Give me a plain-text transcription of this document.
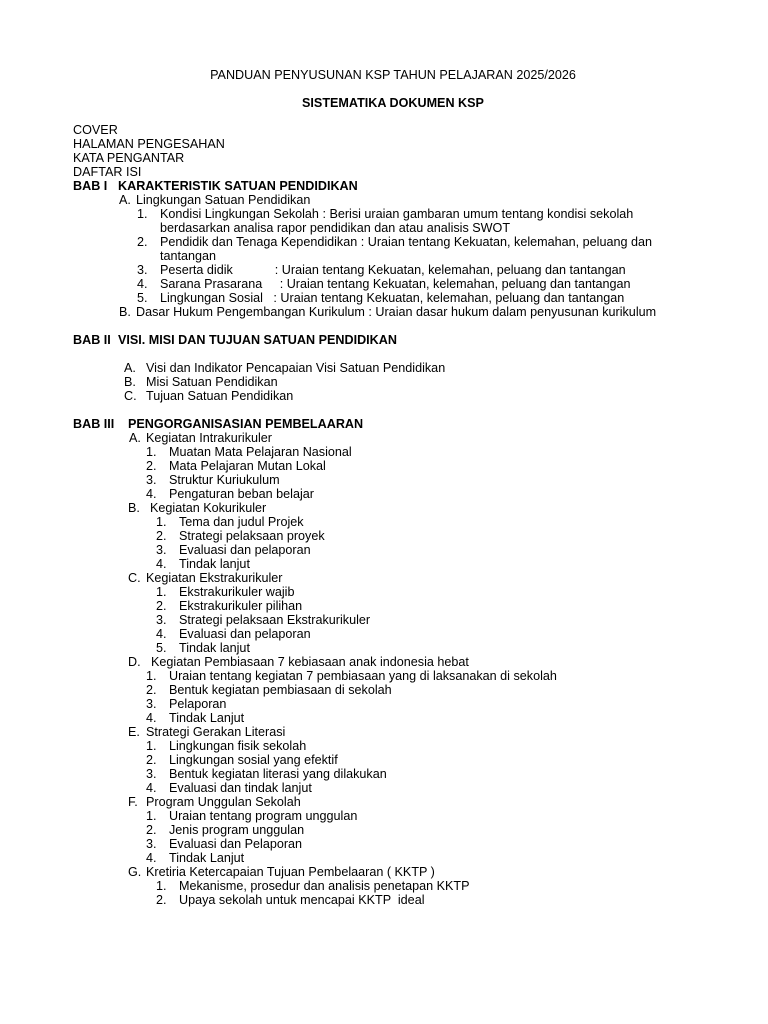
PANDUAN PENYUSUNAN KSP TAHUN PELAJARAN 2025/2026
SISTEMATIKA DOKUMEN KSP
COVER
HALAMAN PENGESAHAN
KATA PENGANTAR
DAFTAR ISI
BAB I KARAKTERISTIK SATUAN PENDIDIKAN
A. Lingkungan Satuan Pendidikan
1. Kondisi Lingkungan Sekolah : Berisi uraian gambaran umum tentang kondisi sekolah berdasarkan analisa rapor pendidikan dan atau analisis SWOT
2. Pendidik dan Tenaga Kependidikan : Uraian tentang Kekuatan, kelemahan, peluang dan tantangan
3. Peserta didik            : Uraian tentang Kekuatan, kelemahan, peluang dan tantangan
4. Sarana Prasarana     : Uraian tentang Kekuatan, kelemahan, peluang dan tantangan
5. Lingkungan Sosial   : Uraian tentang Kekuatan, kelemahan, peluang dan tantangan
B. Dasar Hukum Pengembangan Kurikulum : Uraian dasar hukum dalam penyusunan kurikulum
BAB II VISI. MISI DAN TUJUAN SATUAN PENDIDIKAN
A. Visi dan Indikator Pencapaian Visi Satuan Pendidikan
B. Misi Satuan Pendidikan
C. Tujuan Satuan Pendidikan
BAB III PENGORGANISASIAN PEMBELAARAN
A. Kegiatan Intrakurikuler
1. Muatan Mata Pelajaran Nasional
2. Mata Pelajaran Mutan Lokal
3. Struktur Kuriukulum
4. Pengaturan beban belajar
B. Kegiatan Kokurikuler
1. Tema dan judul Projek
2. Strategi pelaksaan proyek
3. Evaluasi dan pelaporan
4. Tindak lanjut
C. Kegiatan Ekstrakurikuler
1. Ekstrakurikuler wajib
2. Ekstrakurikuler pilihan
3. Strategi pelaksaan Ekstrakurikuler
4. Evaluasi dan pelaporan
5. Tindak lanjut
D. Kegiatan Pembiasaan 7 kebiasaan anak indonesia hebat
1. Uraian tentang kegiatan 7 pembiasaan yang di laksanakan di sekolah
2. Bentuk kegiatan pembiasaan di sekolah
3. Pelaporan
4. Tindak Lanjut
E. Strategi Gerakan Literasi
1. Lingkungan fisik sekolah
2. Lingkungan sosial yang efektif
3. Bentuk kegiatan literasi yang dilakukan
4. Evaluasi dan tindak lanjut
F. Program Unggulan Sekolah
1. Uraian tentang program unggulan
2. Jenis program unggulan
3. Evaluasi dan Pelaporan
4. Tindak Lanjut
G. Kretiria Ketercapaian Tujuan Pembelaaran ( KKTP )
1. Mekanisme, prosedur dan analisis penetapan KKTP
2. Upaya sekolah untuk mencapai KKTP  ideal
